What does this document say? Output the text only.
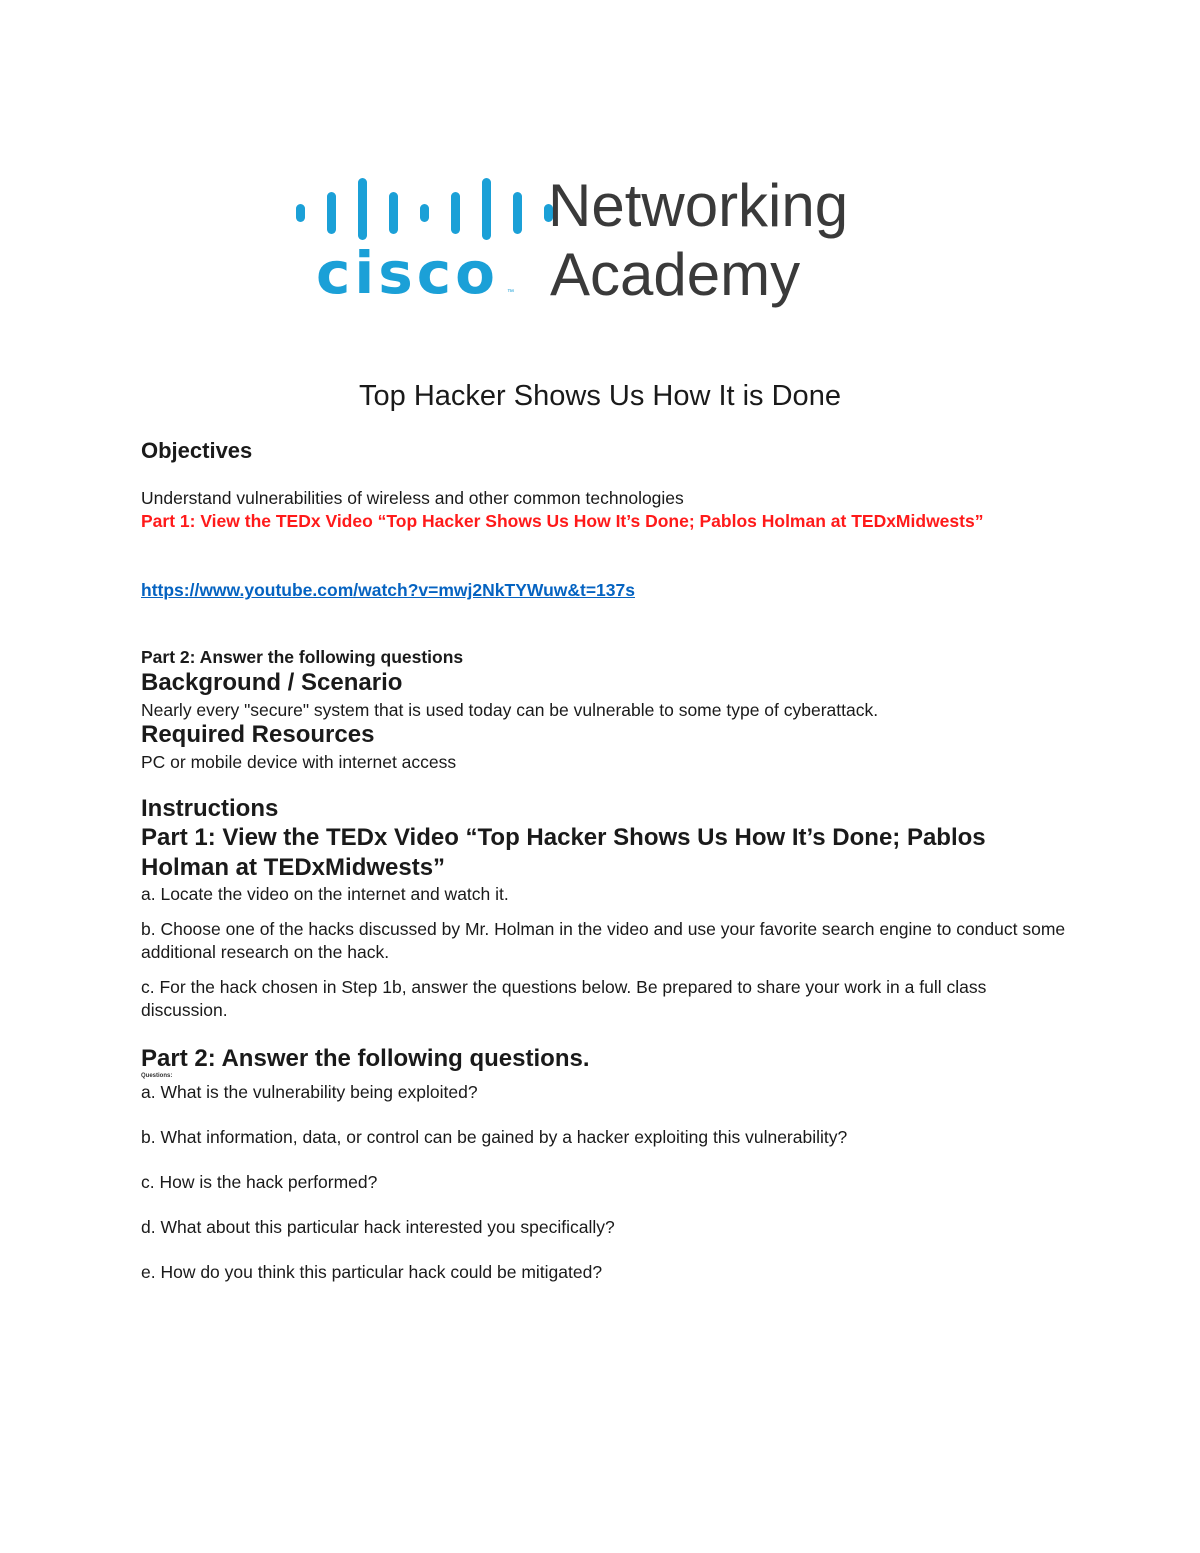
cisco ™
Networking
Academy

Top Hacker Shows Us How It is Done

Objectives

Understand vulnerabilities of wireless and other common technologies

Part 1: View the TEDx Video “Top Hacker Shows Us How It’s Done; Pablos Holman at TEDxMidwests”

https://www.youtube.com/watch?v=mwj2NkTYWuw&t=137s

Part 2: Answer the following questions

Background / Scenario

Nearly every "secure" system that is used today can be vulnerable to some type of cyberattack.

Required Resources

PC or mobile device with internet access

Instructions

Part 1: View the TEDx Video “Top Hacker Shows Us How It’s Done; Pablos Holman at TEDxMidwests”

a. Locate the video on the internet and watch it.

b. Choose one of the hacks discussed by Mr. Holman in the video and use your favorite search engine to conduct some additional research on the hack.

c. For the hack chosen in Step 1b, answer the questions below. Be prepared to share your work in a full class discussion.

Part 2: Answer the following questions.

Questions:

a. What is the vulnerability being exploited?

b. What information, data, or control can be gained by a hacker exploiting this vulnerability?

c. How is the hack performed?

d. What about this particular hack interested you specifically?

e. How do you think this particular hack could be mitigated?
